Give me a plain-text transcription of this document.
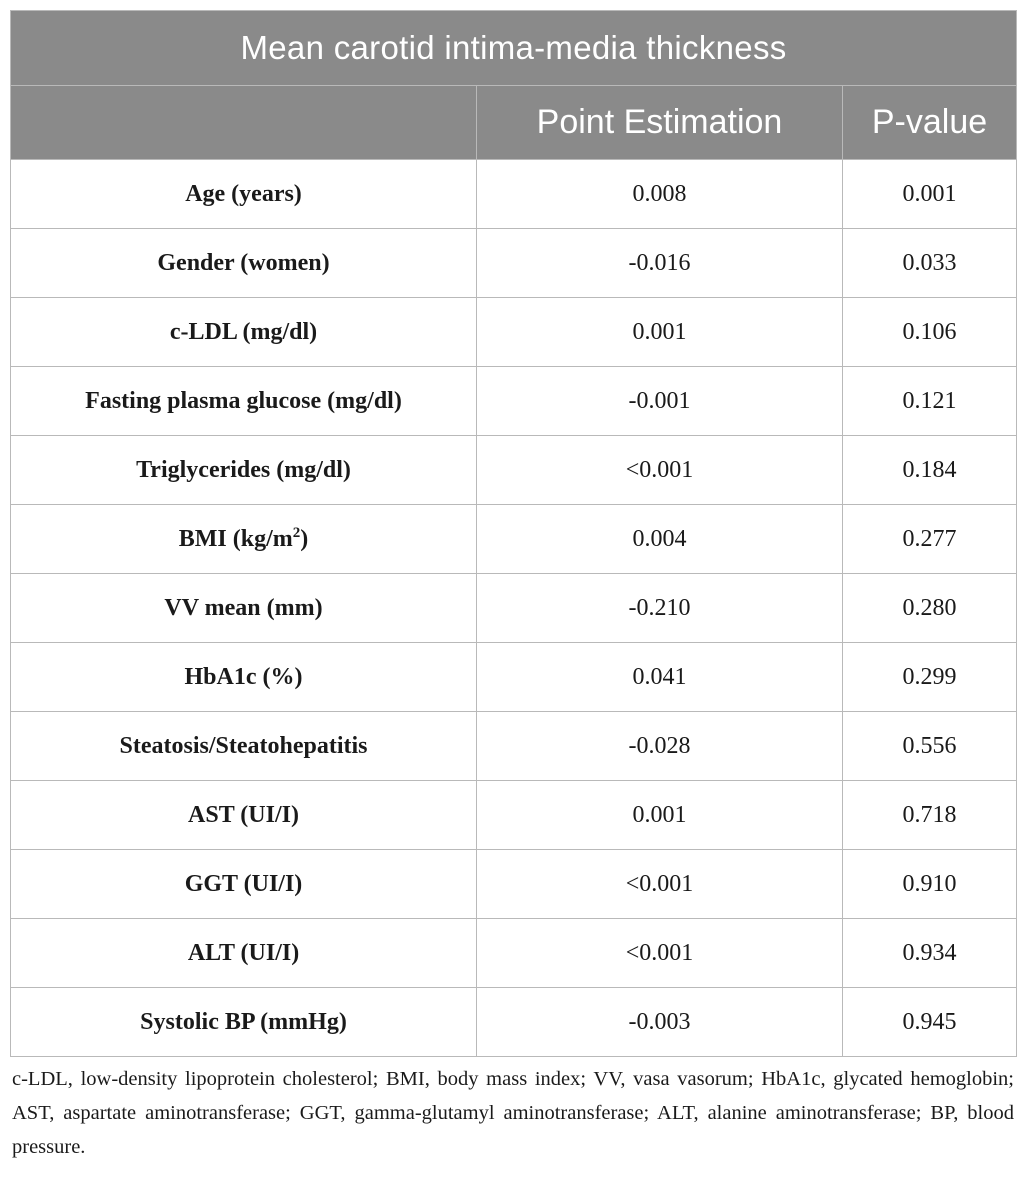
Mean carotid intima-media thickness		
	Point Estimation	P-value
Age (years)	0.008	0.001
Gender (women)	-0.016	0.033
c-LDL (mg/dl)	0.001	0.106
Fasting plasma glucose (mg/dl)	-0.001	0.121
Triglycerides (mg/dl)	<0.001	0.184
BMI $(kg/m^2)$	0.004	0.277
VV mean (mm)	-0.210	0.280
HbA1c (%)	0.041	0.299
Steatosis/Steatohepatitis	-0.028	0.556
AST (UI/I)	0.001	0.718
GGT (UI/I)	<0.001	0.910
ALT (UI/I)	<0.001	0.934
Systolic BP (mmHg)	-0.003	0.945
c-LDL, low-density lipoprotein cholesterol; BMI, body mass index; VV, vasa vasorum; HbA1c, glycated hemoglobin; AST, aspartate aminotransferase; GGT, gamma-glutamyl aminotransferase; ALT, alanine aminotransferase; BP, blood pressure.
